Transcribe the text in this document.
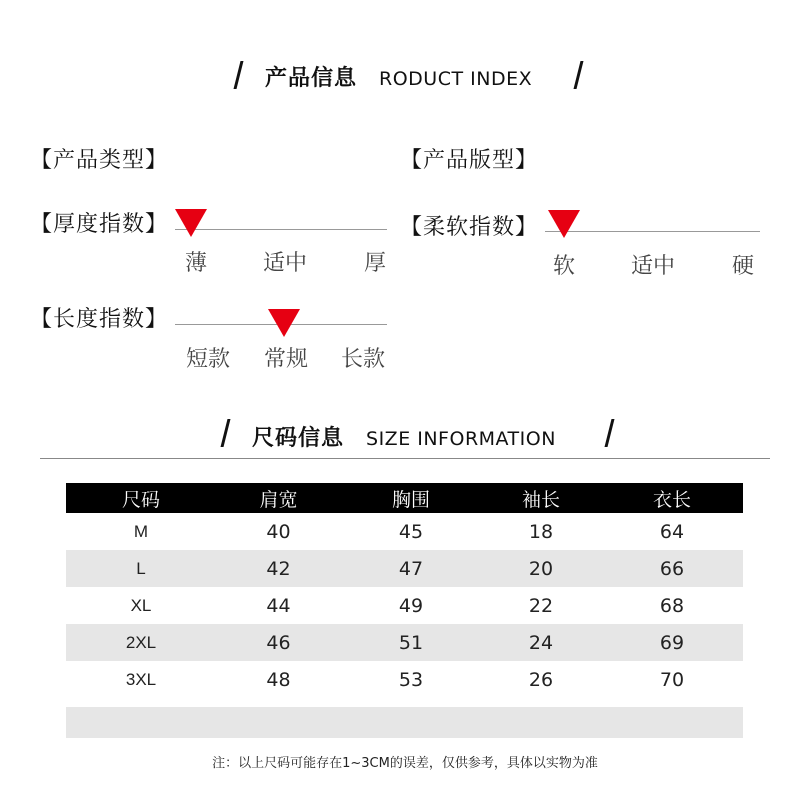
产品信息 RODUCT INDEX
【产品类型】	【产品版型】
【厚度指数】
薄	适中	厚
【柔软指数】
软	适中	硬
【长度指数】
短款 常规 长款
尺码信息 SIZE INFORMATION
尺码	肩宽	胸围	袖长	衣长
M	40	45	18	64
L	42	47	20	66
XL	44	49	22	68
2XL	46	51	24	69
3XL	48	53	26	70
注：以上尺码可能存在1~3CM的误差，仅供参考，具体以实物为准
